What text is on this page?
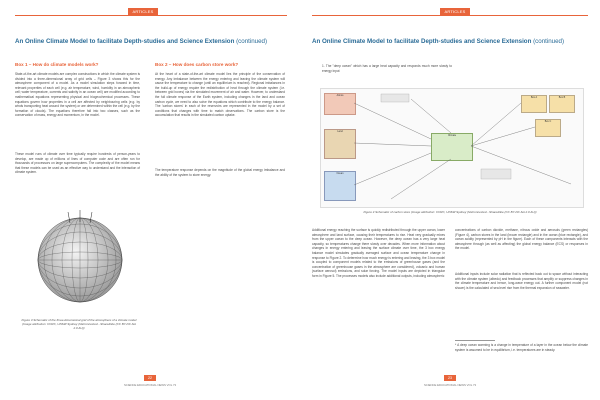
ARTICLES
An Online Climate Model to facilitate Depth-studies and Science Extension (continued)
Box 1 – How do climate models work?
State-of-the-art climate models are complex constructions in which the climate system is divided into a three-dimensional array of grid cells – Figure 3 shows this for the atmosphere component of a model. As a model simulation steps forward in time, relevant properties of each cell (e.g. air temperature, wind, humidity in an atmospheric cell; water temperature, currents and salinity in an ocean cell) are modified according to mathematical equations representing physical and biogeochemical processes. These equations govern how properties in a cell are affected by neighbouring cells (e.g. by winds transporting heat around the system) or are determined within the cell (e.g. by the formation of clouds). The equations therefore fall into two classes, such as the conservation of mass, energy and momentum, in the model.
These model runs of climate over time typically require hundreds of person-years to develop, are made up of millions of lines of computer code and are often run for thousands of processors on large supercomputers. The complexity of the model means that these models can be used as an effective way to understand and the interaction of climate system.
Figure 3 Schematic of the three-dimensional grid of the atmosphere of a climate model (Image attribution: CCRC, UNSW Sydney (NaConnected - ShareAlike (CC BY-NC-SA 2.0 AU))
Box 2 – How does carbon store work?
At the heart of a state-of-the-art climate model lies the principle of the conservation of energy. Any imbalance between the energy entering and leaving the climate system will cause the temperature to change (until an equilibrium is reached). Regional imbalances in the build-up of energy require the redistribution of heat through the climate system (i.e. between grid boxes) via the simulated movement of air and water. However, to understand the full climate response of the Earth system, including changes in the land and ocean carbon cycle, we need to also solve the equations which contribute to the energy balance. The 'carbon stores' in each of the reservoirs are represented in the model by a set of conditions that changes with time to match observations. The carbon store is the accumulation that results in the simulated carbon uptake.
The temperature response depends on the magnitude of the global energy imbalance and the ability of the system to store energy.
22
SCIENCE EDUCATIONAL NEWS VOL 73
ARTICLES
An Online Climate Model to facilitate Depth-studies and Science Extension (continued)
1. The "deep ocean" which has a large heat capacity and responds much more slowly to energy input
Atmos
Land
Ocean
Climate
Box A	Box B
Box C
Figure 4 Schematic of carbon store (Image attribution: CCRC, UNSW Sydney (NaConnected - ShareAlike (CC BY-NC-SA 2.0 AU))
Additional energy reaching the surface is quickly redistributed through the upper ocean, lower atmosphere and land surface, causing their temperatures to rise. Heat very gradually mixes from the upper ocean to the deep ocean. However, the deep ocean has a very large heat capacity, so temperatures change there slowly over decades. When more information about changes in energy entering and leaving the surface climate over time, the 3 box energy balance model simulates gradually averaged surface and ocean temperature change in response to Figure 2. To determine how much energy is entering and leaving, the 3 box model is coupled to component models related to the emissions of greenhouse gases (and the concentration of greenhouse gases in the atmosphere are considered), volcanic and human (surface aerosol) emissions, and solar forcing. The model inputs are depicted in triangular form in Figure 5. The processes models also include additional outputs, including atmospheric
concentrations of carbon dioxide, methane, nitrous oxide and aerosols (green rectangles) (Figure 4), carbon stores in the land (brown rectangle) and in the ocean (blue rectangle), and ocean acidity (represented by pH in the figure). Each of these components interacts with the atmosphere through (as well as affecting) the global energy balance (ECS) or responses in the model.
Additional inputs include solar radiation that is reflected back out to space without interacting with the climate system (albedo) and feedback processes that amplify or suppress changes in the climate temperature and hence, long-wave energy out. A further component model (not shown) is the calculated of sea level rise from the thermal expansion of seawater.
* A deep ocean warming is a change in temperature of a layer in the ocean below the climate system is assumed to be in equilibrium, i.e. temperatures are in steady.
23
SCIENCE EDUCATIONAL NEWS VOL 73
